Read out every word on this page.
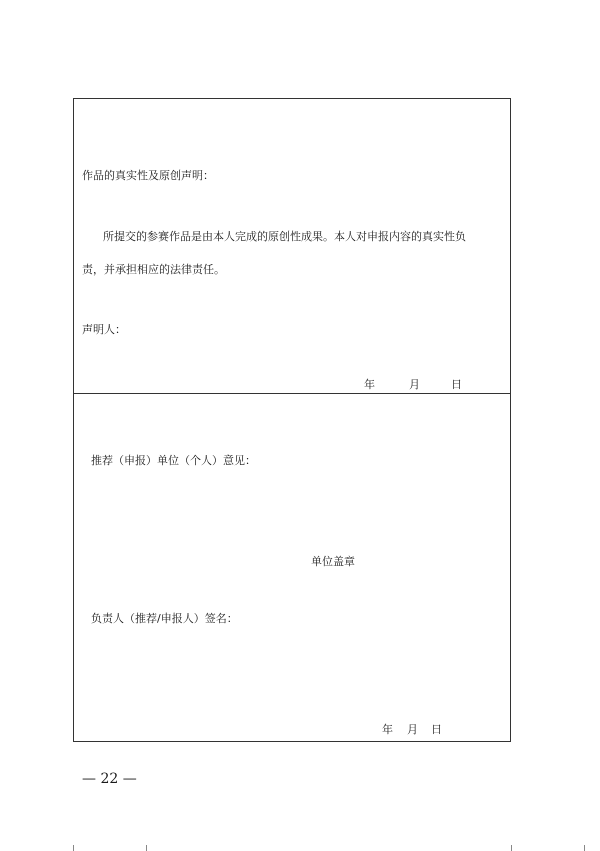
作品的真实性及原创声明：
所提交的参赛作品是由本人完成的原创性成果。本人对申报内容的真实性负
责，并承担相应的法律责任。
声明人：
年	月	日
推荐（申报）单位（个人）意见：
单位盖章
负责人（推荐/申报人）签名：
年 月 日
— 22 —
